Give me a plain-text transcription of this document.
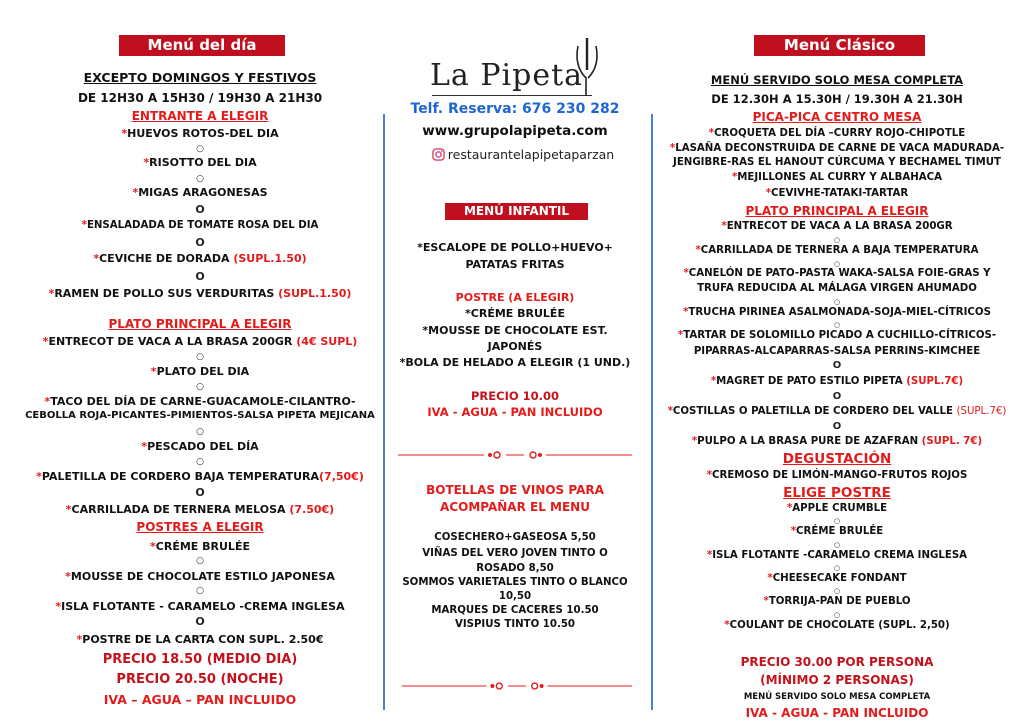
Menú del día
EXCEPTO DOMINGOS Y FESTIVOS
DE 12H30 A 15H30 / 19H30 A 21H30
ENTRANTE A ELEGIR
*HUEVOS ROTOS-DEL DIA
○
*RISOTTO DEL DIA
○
*MIGAS ARAGONESAS
O
*ENSALADADA DE TOMATE ROSA DEL DIA
O
*CEVICHE DE DORADA (SUPL.1.50)
O
*RAMEN DE POLLO SUS VERDURITAS (SUPL.1.50)
PLATO PRINCIPAL A ELEGIR
*ENTRECOT DE VACA A LA BRASA 200GR (4€ SUPL)
○
*PLATO DEL DIA
○
*TACO DEL DÍA DE CARNE-GUACAMOLE-CILANTRO-
CEBOLLA ROJA-PICANTES-PIMIENTOS-SALSA PIPETA MEJICANA
○
*PESCADO DEL DÍA
○
*PALETILLA DE CORDERO BAJA TEMPERATURA(7,50€)
O
*CARRILLADA DE TERNERA MELOSA (7.50€)
POSTRES A ELEGIR
*CRÉME BRULÉE
○
*MOUSSE DE CHOCOLATE ESTILO JAPONESA
○
*ISLA FLOTANTE - CARAMELO -CREMA INGLESA
O
*POSTRE DE LA CARTA CON SUPL. 2.50€
PRECIO 18.50 (MEDIO DIA)
PRECIO 20.50 (NOCHE)
IVA – AGUA – PAN INCLUIDO
La Pipeta
Telf. Reserva: 676 230 282
www.grupolapipeta.com
restaurantelapipetaparzan
MENÚ INFANTIL
*ESCALOPE DE POLLO+HUEVO+
PATATAS FRITAS
POSTRE (A ELEGIR)
*CRÉME BRULÉE
*MOUSSE DE CHOCOLATE EST.
JAPONÉS
*BOLA DE HELADO A ELEGIR (1 UND.)
PRECIO 10.00
IVA - AGUA - PAN INCLUIDO
BOTELLAS DE VINOS PARA
ACOMPAÑAR EL MENU
COSECHERO+GASEOSA 5,50
VIÑAS DEL VERO JOVEN TINTO O
ROSADO 8,50
SOMMOS VARIETALES TINTO O BLANCO
10,50
MARQUES DE CACERES 10.50
VISPIUS TINTO 10.50
Menú Clásico
MENÚ SERVIDO SOLO MESA COMPLETA
DE 12.30H A 15.30H / 19.30H A 21.30H
PICA-PICA CENTRO MESA
*CROQUETA DEL DÍA –CURRY ROJO-CHIPOTLE
*LASAÑA DECONSTRUIDA DE CARNE DE VACA MADURADA-
JENGIBRE-RAS EL HANOUT CÚRCUMA Y BECHAMEL TIMUT
*MEJILLONES AL CURRY Y ALBAHACA
*CEVIVHE-TATAKI-TARTAR
PLATO PRINCIPAL A ELEGIR
*ENTRECOT DE VACA A LA BRASA 200GR
○
*CARRILLADA DE TERNERA A BAJA TEMPERATURA
○
*CANELÓN DE PATO-PASTA WAKA-SALSA FOIE-GRAS Y
TRUFA REDUCIDA AL MÁLAGA VIRGEN AHUMADO
○
*TRUCHA PIRINEA ASALMONADA-SOJA-MIEL-CÍTRICOS
○
*TARTAR DE SOLOMILLO PICADO A CUCHILLO-CÍTRICOS-
PIPARRAS-ALCAPARRAS-SALSA PERRINS-KIMCHEE
O
*MAGRET DE PATO ESTILO PIPETA (SUPL.7€)
O
*COSTILLAS O PALETILLA DE CORDERO DEL VALLE (SUPL.7€)
O
*PULPO A LA BRASA PURE DE AZAFRAN (SUPL. 7€)
DEGUSTACIÓN
*CREMOSO DE LIMÓN-MANGO-FRUTOS ROJOS
ELIGE POSTRE
*APPLE CRUMBLE
○
*CRÉME BRULÉE
○
*ISLA FLOTANTE -CARAMELO CREMA INGLESA
○
*CHEESECAKE FONDANT
○
*TORRIJA-PAN DE PUEBLO
○
*COULANT DE CHOCOLATE (SUPL. 2,50)
PRECIO 30.00 POR PERSONA
(MÍNIMO 2 PERSONAS)
MENÚ SERVIDO SOLO MESA COMPLETA
IVA - AGUA - PAN INCLUIDO
